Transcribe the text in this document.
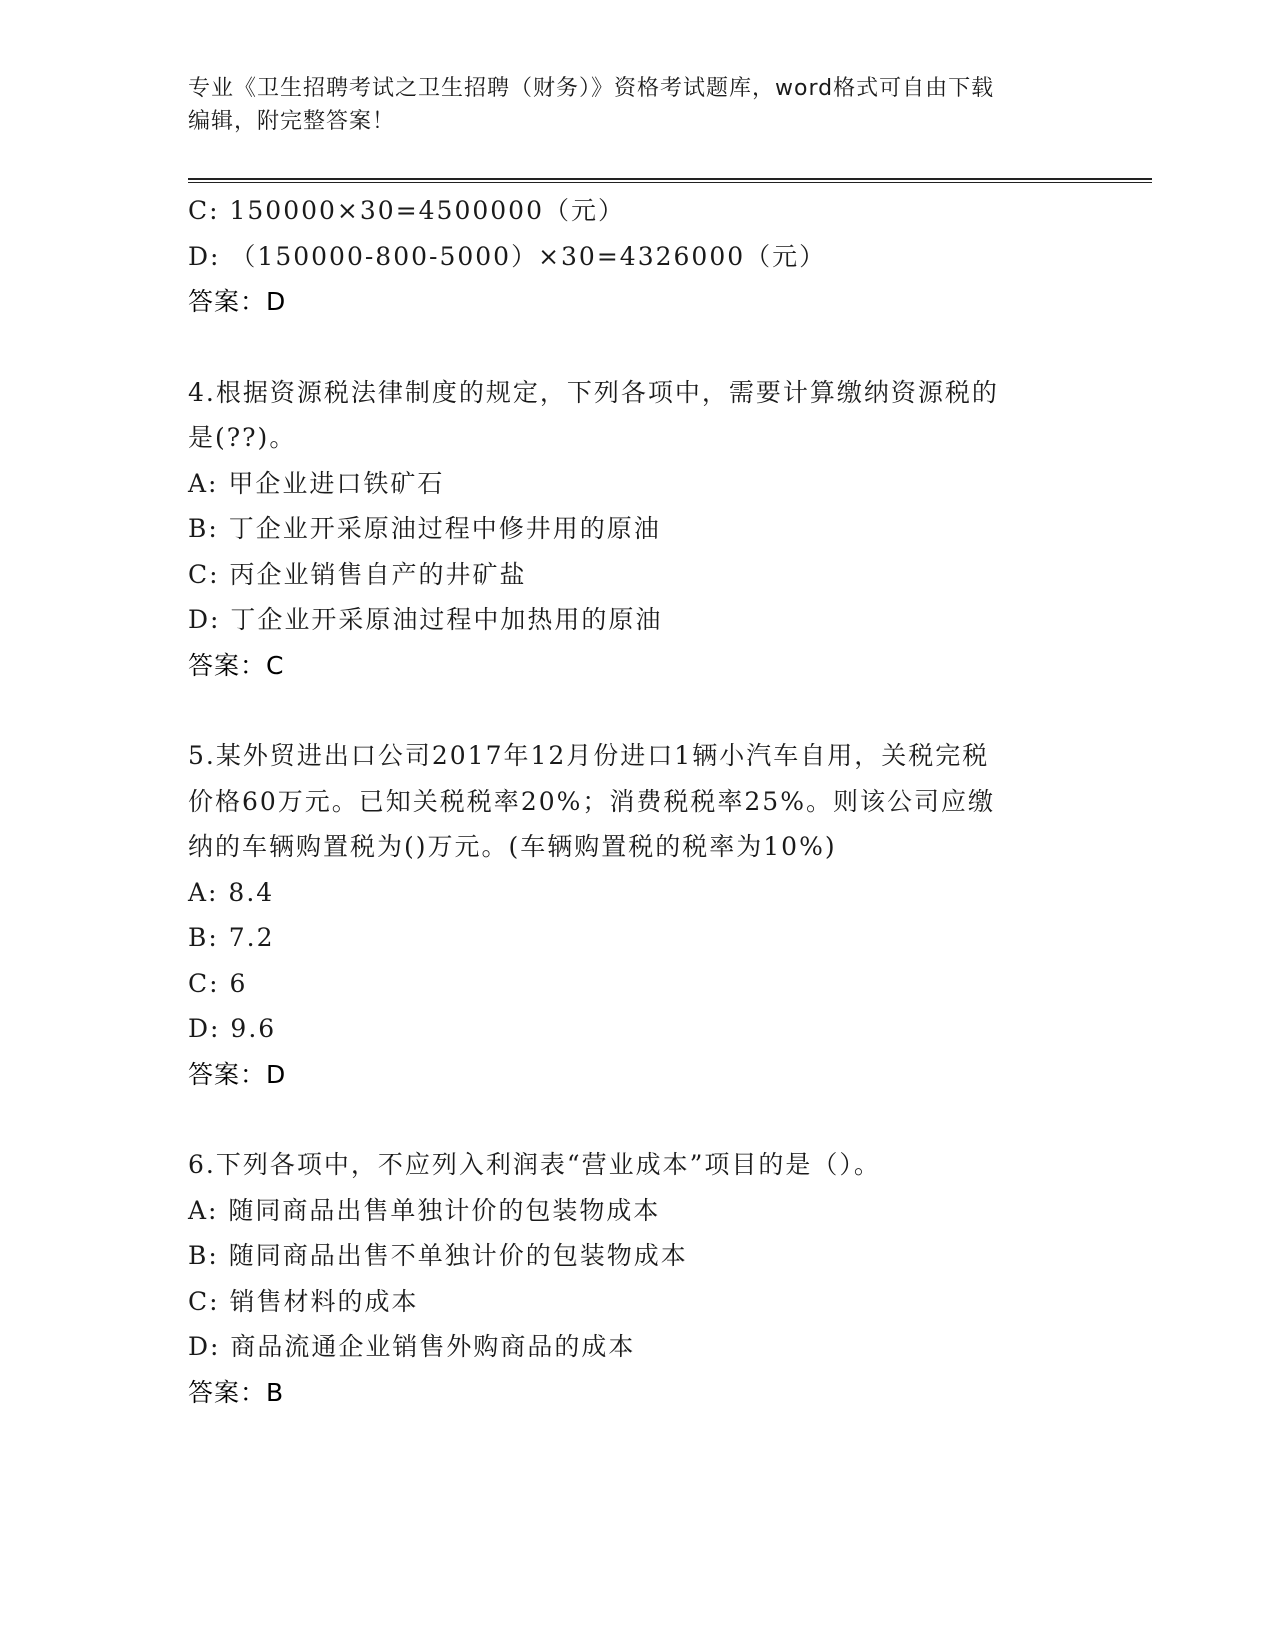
专业《卫生招聘考试之卫生招聘（财务）》资格考试题库，word格式可自由下载
编辑，附完整答案！
C: 150000×30=4500000（元）
D: （150000-800-5000）×30=4326000（元）
答案：D
4.根据资源税法律制度的规定，下列各项中，需要计算缴纳资源税的
是(??)。
A: 甲企业进口铁矿石
B: 丁企业开采原油过程中修井用的原油
C: 丙企业销售自产的井矿盐
D: 丁企业开采原油过程中加热用的原油
答案：C
5.某外贸进出口公司2017年12月份进口1辆小汽车自用，关税完税
价格60万元。已知关税税率20%；消费税税率25%。则该公司应缴
纳的车辆购置税为()万元。(车辆购置税的税率为10%)
A: 8.4
B: 7.2
C: 6
D: 9.6
答案：D
6.下列各项中，不应列入利润表“营业成本”项目的是（）。
A: 随同商品出售单独计价的包装物成本
B: 随同商品出售不单独计价的包装物成本
C: 销售材料的成本
D: 商品流通企业销售外购商品的成本
答案：B
